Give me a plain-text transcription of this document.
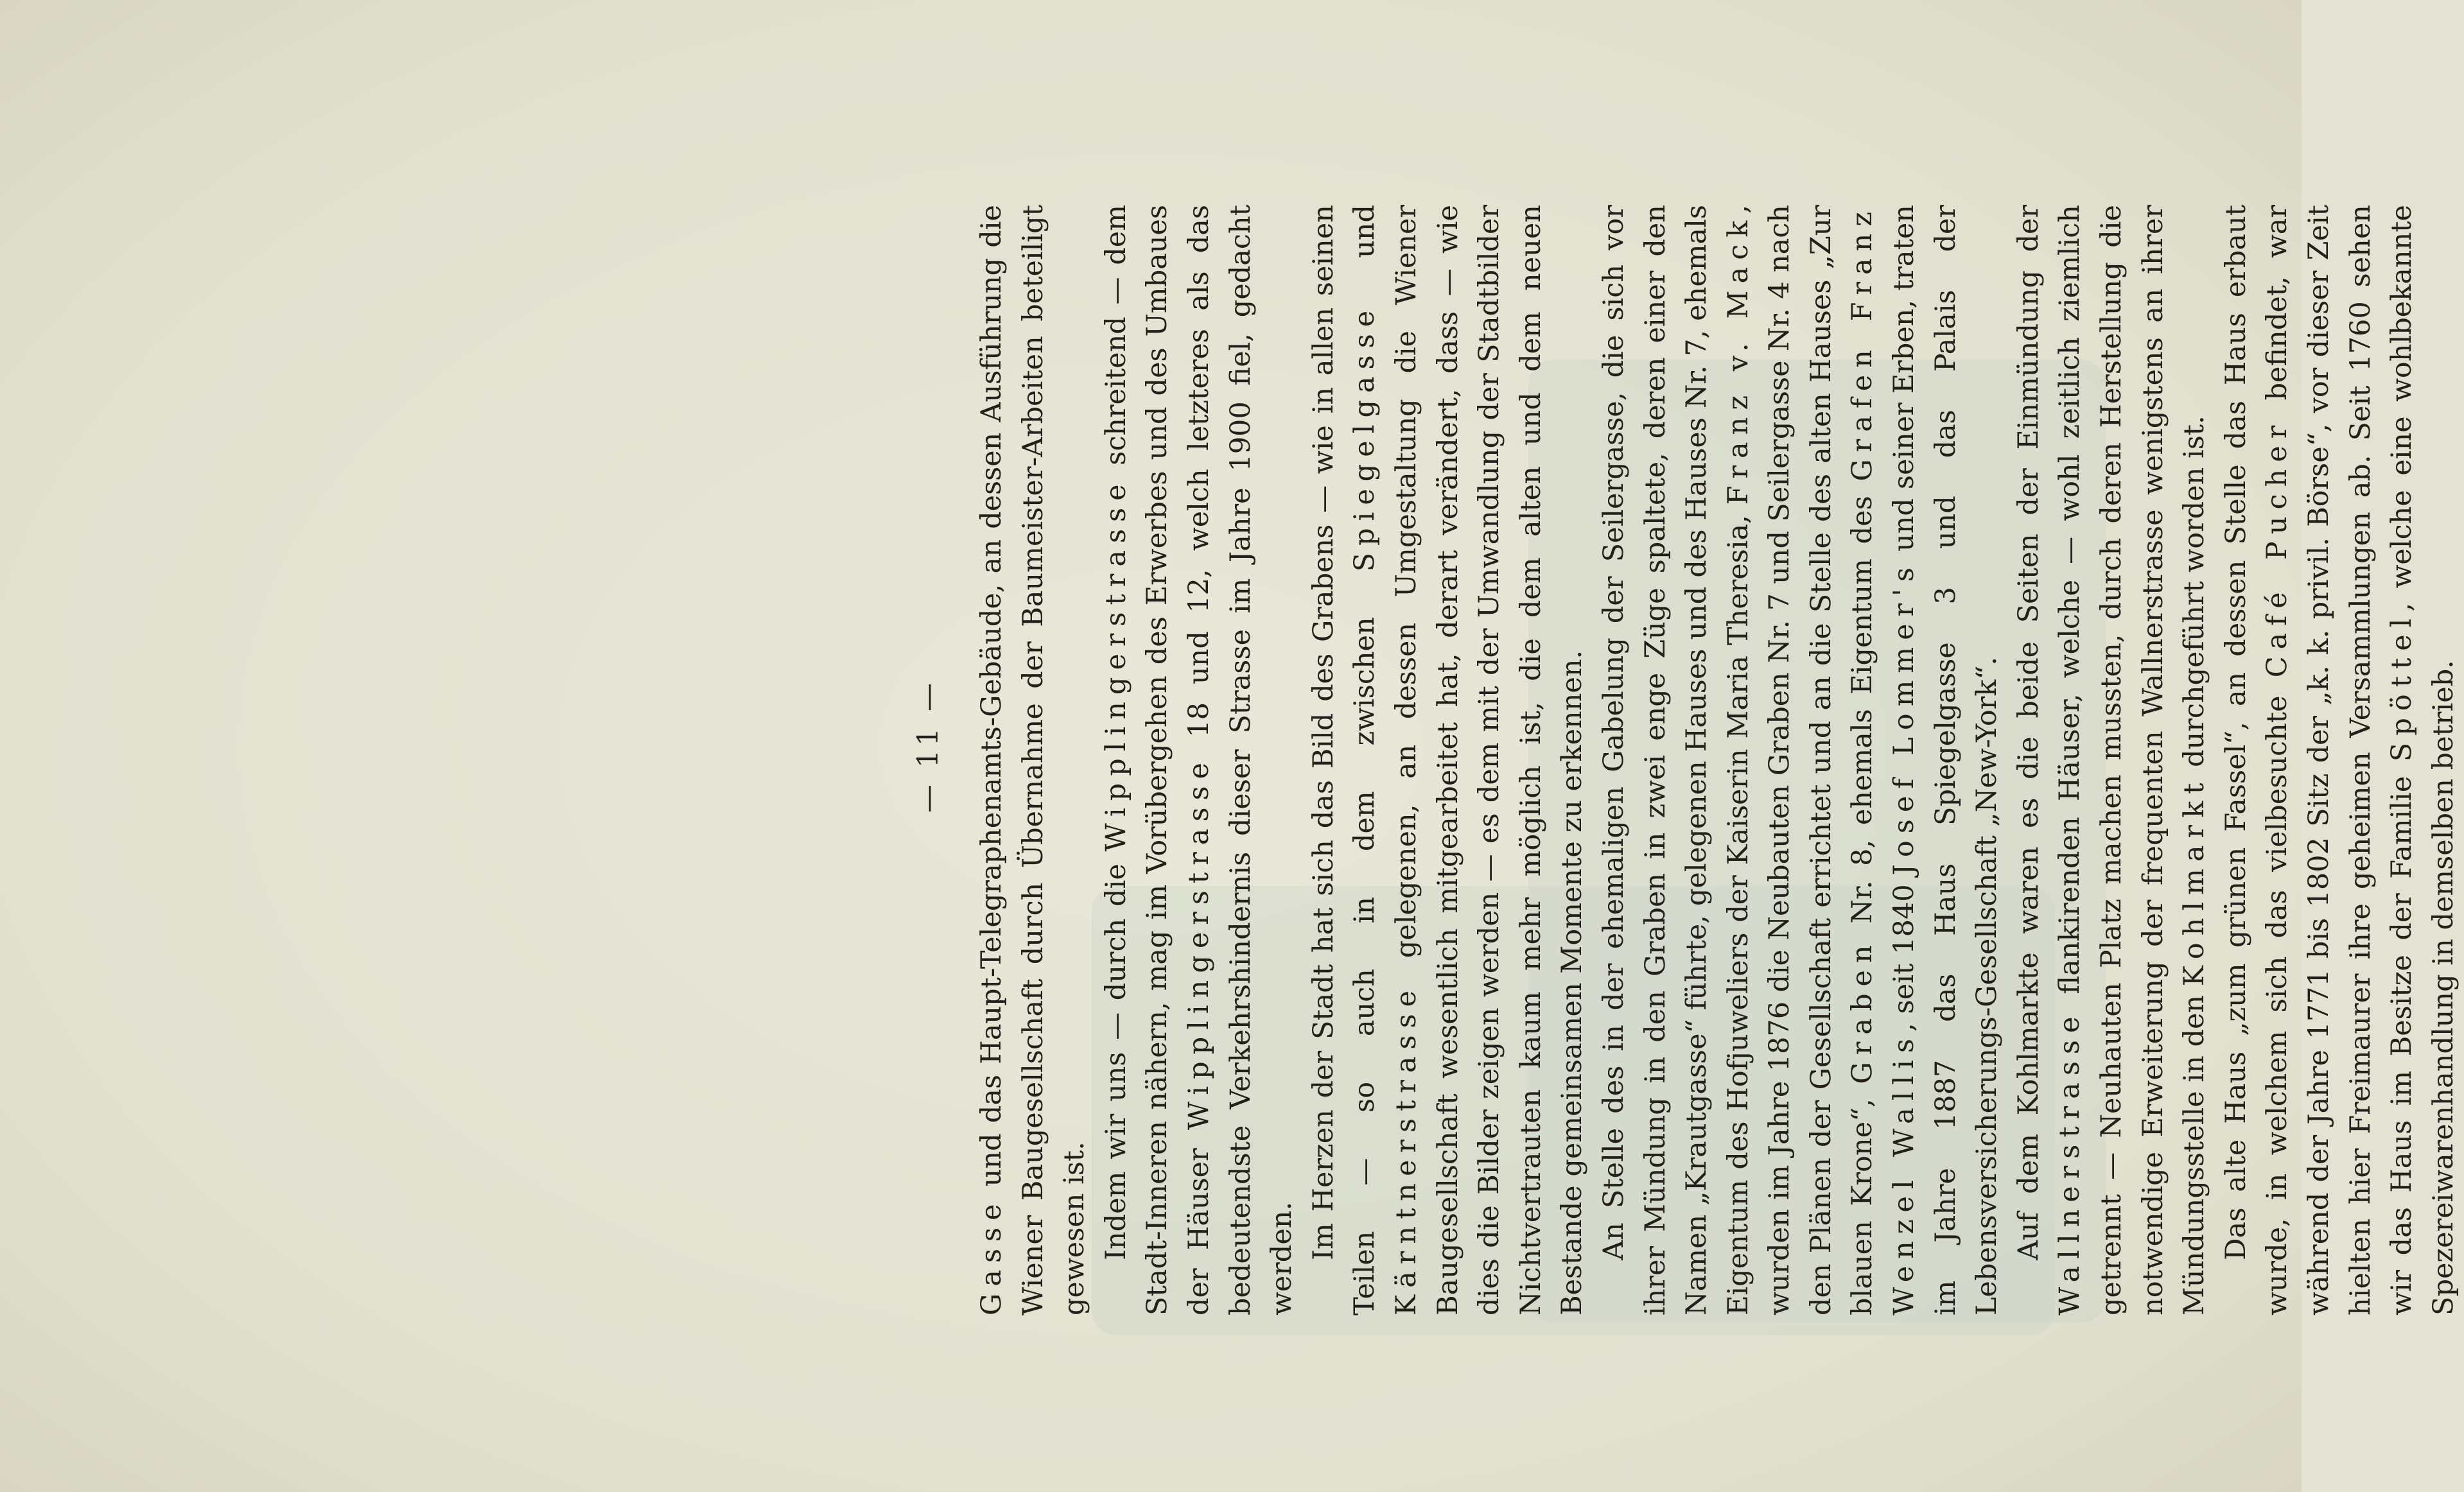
— 11 —

Gasse und das Haupt-Telegraphenamts-Gebäude, an dessen Ausführung die Wiener Baugesellschaft durch Übernahme der Baumeister-Arbeiten beteiligt gewesen ist. Indem wir uns — durch die Wipplingerstrasse schreitend — dem Stadt-Inneren nähern, mag im Vorübergehen des Erwerbes und des Umbaues der Häuser Wipplingerstrasse 18 und 12, welch letzteres als das bedeutendste Verkehrshindernis dieser Strasse im Jahre 1900 fiel, gedacht werden. Im Herzen der Stadt hat sich das Bild des Grabens — wie in allen seinen Teilen — so auch in dem zwischen Spiegelgasse und Kärntnerstrasse gelegenen, an dessen Umgestaltung die Wiener Baugesellschaft wesentlich mitgearbeitet hat, derart verändert, dass — wie dies die Bilder zeigen werden — es dem mit der Umwandlung der Stadtbilder Nichtvertrauten kaum mehr möglich ist, die dem alten und dem neuen Bestande gemeinsamen Momente zu erkennen. An Stelle des in der ehemaligen Gabelung der Seilergasse, die sich vor ihrer Mündung in den Graben in zwei enge Züge spaltete, deren einer den Namen „Krautgasse“ führte, gelegenen Hauses und des Hauses Nr. 7, ehemals Eigentum des Hofjuweliers der Kaiserin Maria Theresia, Franz v. Mack, wurden im Jahre 1876 die Neubauten Graben Nr. 7 und Seilergasse Nr. 4 nach den Plänen der Gesellschaft errichtet und an die Stelle des alten Hauses „Zur blauen Krone“, Graben Nr. 8, ehemals Eigentum des Grafen Franz Wenzel Wallis, seit 1840 Josef Lommer's und seiner Erben, traten im Jahre 1887 das Haus Spiegelgasse 3 und das Palais der Lebensversicherungs-Gesellschaft „New-York“. Auf dem Kohlmarkte waren es die beide Seiten der Einmündung der Wallnerstrasse flankirenden Häuser, welche — wohl zeitlich ziemlich getrennt — Neuhauten Platz machen mussten, durch deren Herstellung die notwendige Erweiterung der frequenten Wallnerstrasse wenigstens an ihrer Mündungsstelle in den Kohlmarkt durchgeführt worden ist. Das alte Haus „zum grünen Fassel“, an dessen Stelle das Haus erbaut wurde, in welchem sich das vielbesuchte Café Pucher befindet, war während der Jahre 1771 bis 1802 Sitz der „k. k. privil. Börse“, vor dieser Zeit hielten hier Freimaurer ihre geheimen Versammlungen ab. Seit 1760 sehen wir das Haus im Besitze der Familie Spöttel, welche eine wohlbekannte Spezereiwarenhandlung in demselben betrieb.
